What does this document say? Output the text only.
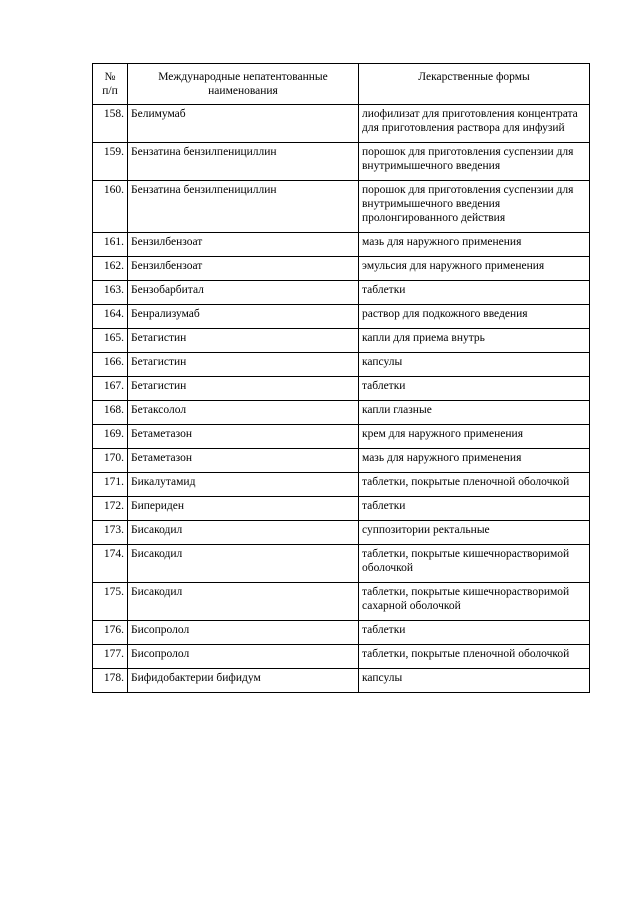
№
п/п	Международные непатентованные наименования	Лекарственные формы
158.	Белимумаб	лиофилизат для приготовления концентрата для приготовления раствора для инфузий
159.	Бензатина бензилпенициллин	порошок для приготовления суспензии для внутримышечного введения
160.	Бензатина бензилпенициллин	порошок для приготовления суспензии для внутримышечного введения пролонгированного действия
161.	Бензилбензоат	мазь для наружного применения
162.	Бензилбензоат	эмульсия для наружного применения
163.	Бензобарбитал	таблетки
164.	Бенрализумаб	раствор для подкожного введения
165.	Бетагистин	капли для приема внутрь
166.	Бетагистин	капсулы
167.	Бетагистин	таблетки
168.	Бетаксолол	капли глазные
169.	Бетаметазон	крем для наружного применения
170.	Бетаметазон	мазь для наружного применения
171.	Бикалутамид	таблетки, покрытые пленочной оболочкой
172.	Бипериден	таблетки
173.	Бисакодил	суппозитории ректальные
174.	Бисакодил	таблетки, покрытые кишечнорастворимой оболочкой
175.	Бисакодил	таблетки, покрытые кишечнорастворимой сахарной оболочкой
176.	Бисопролол	таблетки
177.	Бисопролол	таблетки, покрытые пленочной оболочкой
178.	Бифидобактерии бифидум	капсулы
